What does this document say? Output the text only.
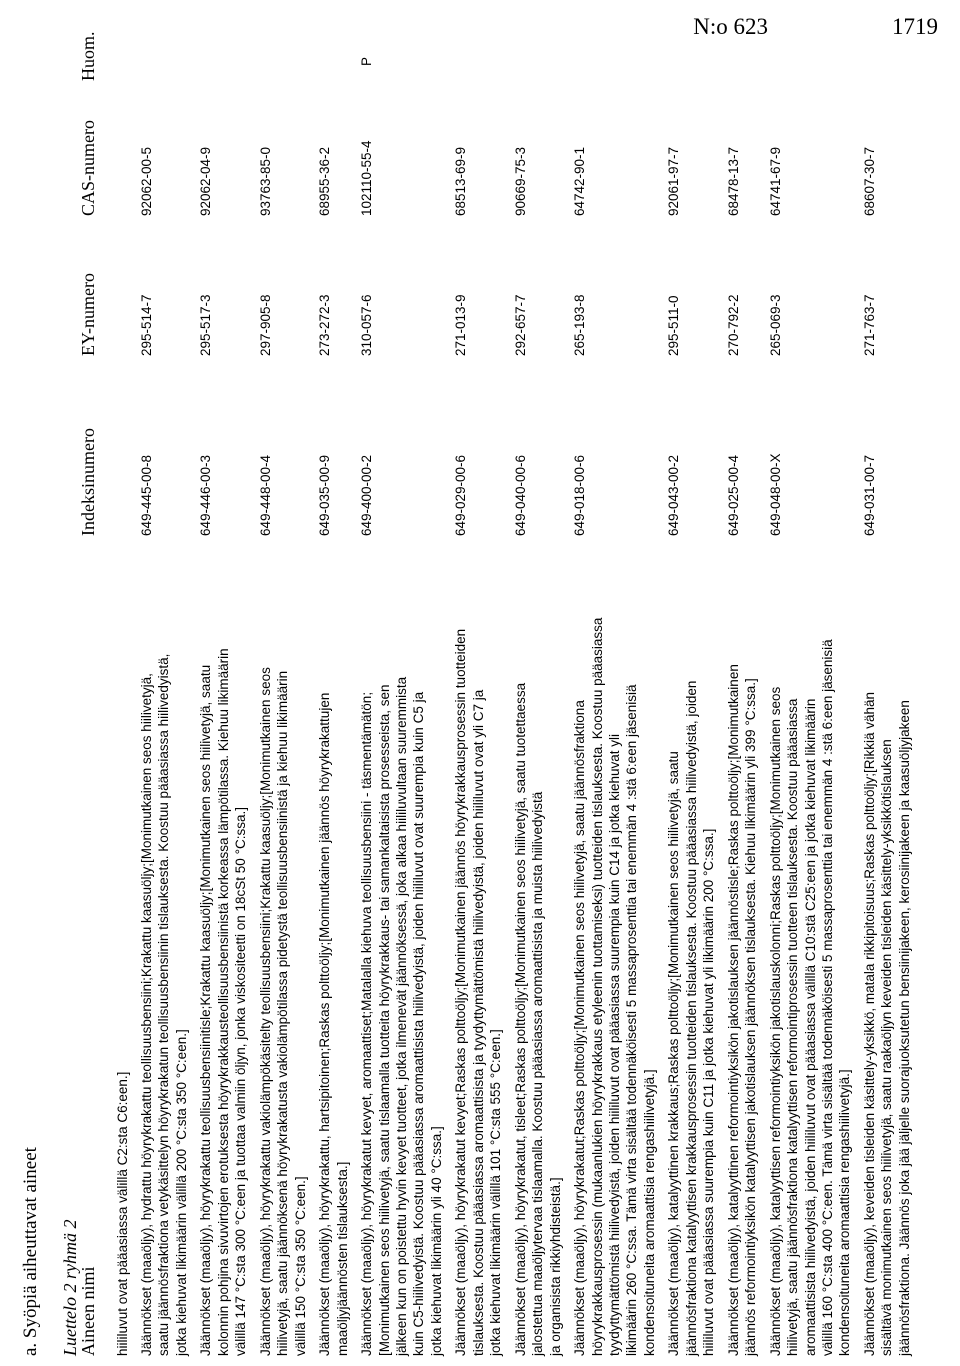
N:o 623	1719
a. Syöpiä aiheuttavat aineet Luettelo 2 ryhmä 2
Aineen nimi
Indeksinumero
EY-numero
CAS-numero
Huom.
hiililuvut ovat pääasiassa välillä C2:sta C6:een.] Jäännökset (maaöljy), hydrattu höyrykrakattu teollisuusbensiini;Krakattu kaasuöljy;[Monimutkainen seos hiilivetyjä, saatu jäännösfraktiona vetykäsittelyn höyrykrakatun teollisuusbensiinin tislauksesta. Koostuu pääasiassa hiilivedyistä, jotka kiehuvat likimäärin välillä 200 °C:sta 350 °C:een.]
649-445-00-8
295-514-7
92062-00-5
Jäännökset (maaöljy), höyrykrakattu teollisuusbensiinitisle;Krakattu kaasuöljy;[Monimutkainen seos hiilivetyjä, saatu kolonnin pohjina sivuvirtojen erotuksesta höyrykrakkausteollisuusbensiinistä korkeassa lämpötilassa. Kiehuu likimäärin välillä 147 °C:sta 300 °C:een ja tuottaa valmiin öljyn, jonka viskositeetti on 18cSt 50 °C:ssa.]
649-446-00-3
295-517-3
92062-04-9
Jäännökset (maaöljy), höyrykrakattu vakiolämpökäsitelty teollisuusbensiini;Krakattu kaasuöljy;[Monimutkainen seos hiilivetyjä, saatu jäännöksenä höyrykrakatusta vakiolämpötilassa pidetystä teollisuusbensiinistä ja kiehuu likimäärin välillä 150 °C:sta 350 °C:een.]
649-448-00-4
297-905-8
93763-85-0
Jäännökset (maaöljy), höyrykrakattu, hartsipitoinen;Raskas polttoöljy;[Monimutkainen jäännös höyrykrakattujen maaöljyjäännösten tislauksesta.]
649-035-00-9
273-272-3
68955-36-2
Jäännökset (maaöljy), höyrykrakatut kevyet, aromaattiset;Matalalla kiehuva teollisuusbensiini - täsmentämätön; [Monimutkainen seos hiilivetyjä, saatu tislaamalla tuotteita höyrykrakkaus- tai samankaltaisista prosesseista, sen jälkeen kun on poistettu hyvin kevyet tuotteet, jotka ilmenevät jäännöksessä, joka alkaa hiililuvultaan suuremmista kuin C5-hiilivedyistä. Koostuu pääasiassa aromaattisista hiilivedyistä, joiden hiililuvut ovat suurempia kuin C5 ja jotka kiehuvat likimäärin yli 40 °C:ssa.]
649-400-00-2
310-057-6
102110-55-4
P
Jäännökset (maaöljy), höyrykrakatut kevyet;Raskas polttoöljy;[Monimutkainen jäännös höyrykrakkausprosessin tuotteiden tislauksesta. Koostuu pääasiassa aromaattisista ja tyydyttymättömistä hiilivedyistä, joiden hiililuvut ovat yli C7 ja jotka kiehuvat likimäärin välillä 101 °C:sta 555 °C:een.]
649-029-00-6
271-013-9
68513-69-9
Jäännökset (maaöljy), höyrykrakatut, tisleet;Raskas polttoöljy;[Monimutkainen seos hiilivetyjä, saatu tuotettaessa jalostettua maaöljytervaa tislaamalla. Koostuu pääasiassa aromaattisista ja muista hiilivedyistä ja organisista rikkiyhdisteistä.]
649-040-00-6
292-657-7
90669-75-3
Jäännökset (maaöljy), höyrykrakatut;Raskas polttoöljy;[Monimutkainen seos hiilivetyjä, saatu jäännösfraktiona höyrykrakkausprosessin (mukaanlukien höyrykrakkaus etyleenin tuottamiseksi) tuotteiden tislauksesta. Koostuu pääasiassa tyydyttymättömistä hiilivedyistä, joiden hiililuvut ovat pääasiassa suurempia kuin C14 ja jotka kiehuvat yli likimäärin 260 °C:ssa. Tämä virta sisältää todennäköisesti 5 massaprosenttia tai enemmän 4 :stä 6:een jäsenisiä kondensoituneita aromaattisia rengashiilivetyjä.]
649-018-00-6
265-193-8
64742-90-1
Jäännökset (maaöljy), katalyyttinen krakkaus;Raskas polttoöljy;[Monimutkainen seos hiilivetyjä, saatu jäännösfraktiona katalyyttisen krakkausprosessin tuotteiden tislauksesta. Koostuu pääasiassa hiilivedyistä, joiden hiililuvut ovat pääasiassa suurempia kuin C11 ja jotka kiehuvat yli likimäärin 200 °C:ssa.]
649-043-00-2
295-511-0
92061-97-7
Jäännökset (maaöljy), katalyyttinen reformointiyksikön jakotislauksen jäännöstisle;Raskas polttoöljy;[Monimutkainen jäännös reformointiyksikön katalyyttisen jakotislauksen jäännöksen tislauksesta. Kiehuu likimäärin yli 399 °C:ssa.]
649-025-00-4
270-792-2
68478-13-7
Jäännökset (maaöljy), katalyyttisen reformointiyksikön jakotislauskolonni;Raskas polttoöljy;[Monimutkainen seos hiilivetyjä, saatu jäännösfraktiona katalyyttisen reformointiprosessin tuotteen tislauksesta. Koostuu pääasiassa aromaattisista hiilivedyistä, joiden hiililuvut ovat pääasiassa välillä C10:stä C25:een ja jotka kiehuvat likimäärin välillä 160 °C:sta 400 °C:een. Tämä virta sisältää todennäköisesti 5 massaprosenttia tai enemmän 4 :stä 6:een jäsenisiä kondensoituneita aromaattisia rengashiilivetyjä.]
649-048-00-X
265-069-3
64741-67-9
Jäännökset (maaöljy), keveiden tisleiden käsittely-yksikkö, matala rikkipitoisuus;Raskas polttoöljy;[Rikkiä vähän sisältävä monimutkainen seos hiilivetyjä, saatu raakaöljyn keveiden tisleiden käsittely-yksikkötislauksen jäännösfraktiona. Jäännös joka jää jäljelle suorajuoksutetun bensiinijakeen, kerosiinijakeen ja kaasuöljyjakeen
649-031-00-7
271-763-7
68607-30-7
